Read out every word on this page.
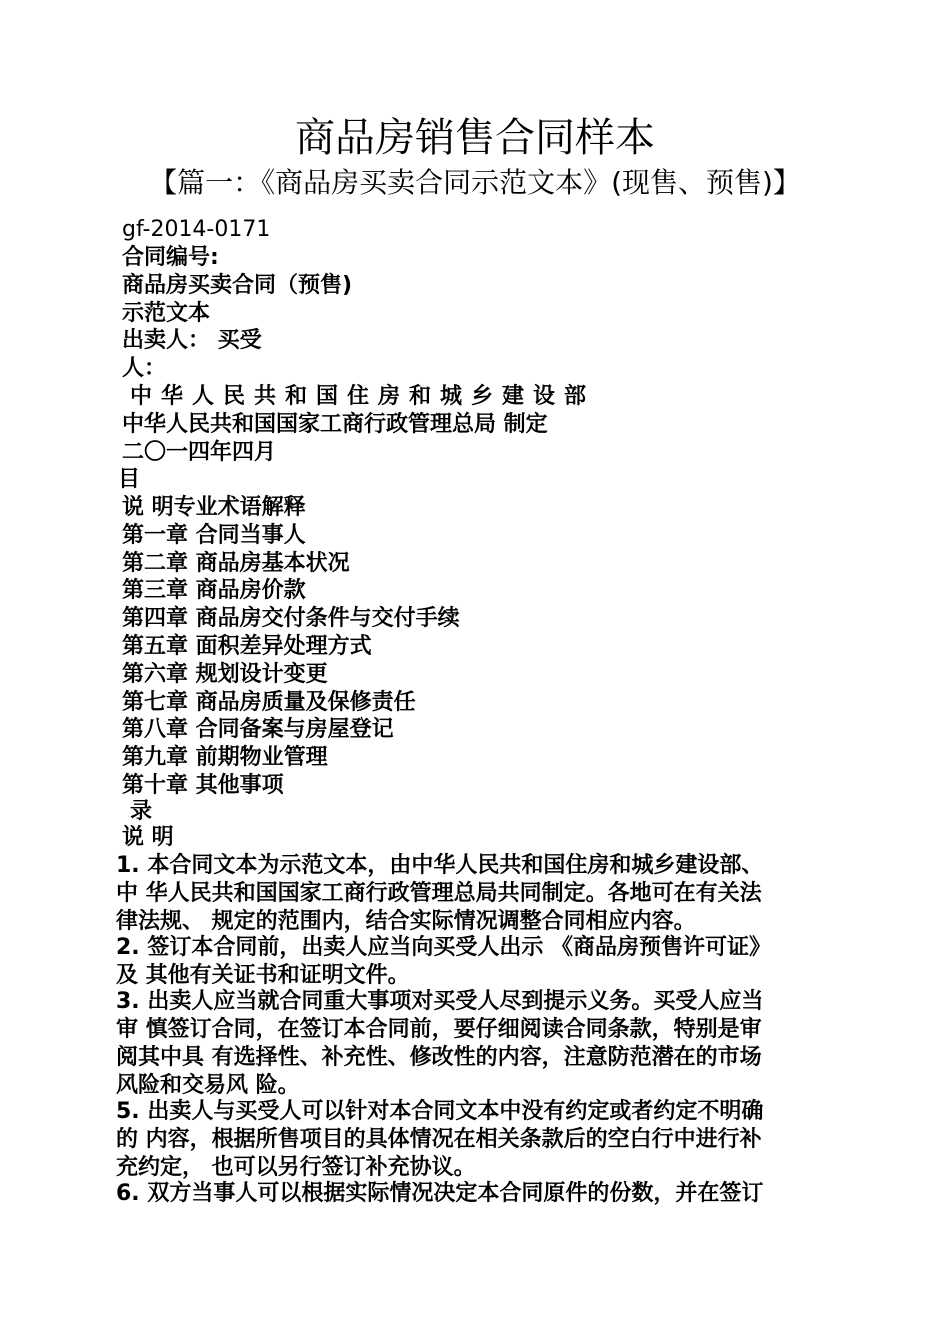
商品房销售合同样本
【篇一：《商品房买卖合同示范文本》(现售、预售)】
gf-2014-0171
合同编号:
商品房买卖合同（预售)
示范文本
出卖人： 买受
人：
中华人民共和国住房和城乡建设部
中华人民共和国国家工商行政管理总局 制定
二〇一四年四月
目
说 明专业术语解释
第一章 合同当事人
第二章 商品房基本状况
第三章 商品房价款
第四章 商品房交付条件与交付手续
第五章 面积差异处理方式
第六章 规划设计变更
第七章 商品房质量及保修责任
第八章 合同备案与房屋登记
第九章 前期物业管理
第十章 其他事项
录
说 明
1. 本合同文本为示范文本，由中华人民共和国住房和城乡建设部、
中 华人民共和国国家工商行政管理总局共同制定。各地可在有关法
律法规、 规定的范围内，结合实际情况调整合同相应内容。
2. 签订本合同前，出卖人应当向买受人出示 《商品房预售许可证》
及 其他有关证书和证明文件。
3. 出卖人应当就合同重大事项对买受人尽到提示义务。买受人应当
审 慎签订合同，在签订本合同前，要仔细阅读合同条款，特别是审
阅其中具 有选择性、补充性、修改性的内容，注意防范潜在的市场
风险和交易风 险。
5. 出卖人与买受人可以针对本合同文本中没有约定或者约定不明确
的 内容，根据所售项目的具体情况在相关条款后的空白行中进行补
充约定， 也可以另行签订补充协议。
6. 双方当事人可以根据实际情况决定本合同原件的份数，并在签订
